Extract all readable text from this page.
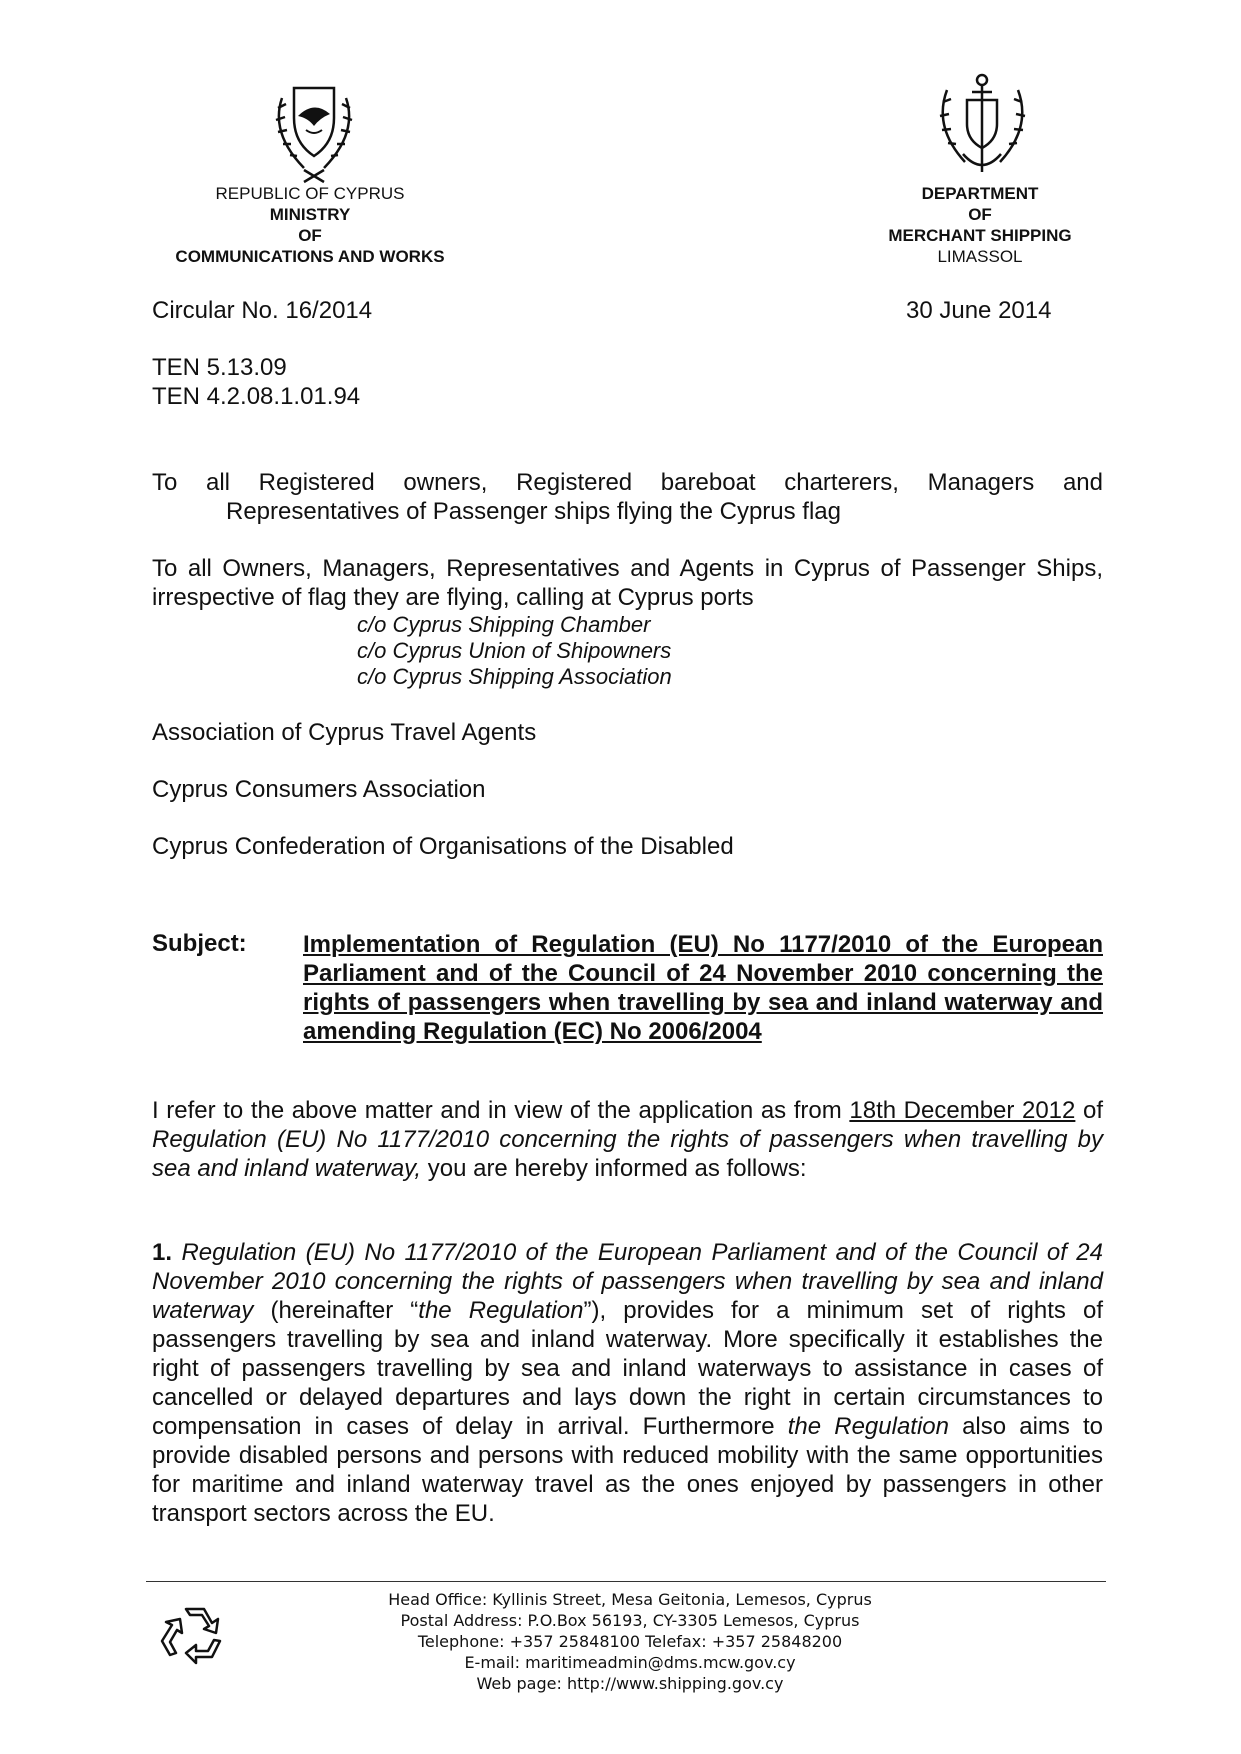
REPUBLIC OF CYPRUS
MINISTRY
OF
COMMUNICATIONS AND WORKS
DEPARTMENT
OF
MERCHANT SHIPPING
LIMASSOL
Circular No. 16/2014	30 June 2014
TEN 5.13.09
TEN 4.2.08.1.01.94
To all Registered owners, Registered bareboat charterers, Managers and
Representatives of Passenger ships flying the Cyprus flag
To all Owners, Managers, Representatives and Agents in Cyprus of Passenger Ships, irrespective of flag they are flying, calling at Cyprus ports
c/o Cyprus Shipping Chamber
c/o Cyprus Union of Shipowners
c/o Cyprus Shipping Association
Association of Cyprus Travel Agents
Cyprus Consumers Association
Cyprus Confederation of Organisations of the Disabled
Subject: Implementation of Regulation (EU) No 1177/2010 of the European Parliament and of the Council of 24 November 2010 concerning the rights of passengers when travelling by sea and inland waterway and amending Regulation (EC) No 2006/2004
I refer to the above matter and in view of the application as from 18th December 2012 of Regulation (EU) No 1177/2010 concerning the rights of passengers when travelling by sea and inland waterway, you are hereby informed as follows:
1. Regulation (EU) No 1177/2010 of the European Parliament and of the Council of 24 November 2010 concerning the rights of passengers when travelling by sea and inland waterway (hereinafter “the Regulation”), provides for a minimum set of rights of passengers travelling by sea and inland waterway. More specifically it establishes the right of passengers travelling by sea and inland waterways to assistance in cases of cancelled or delayed departures and lays down the right in certain circumstances to compensation in cases of delay in arrival. Furthermore the Regulation also aims to provide disabled persons and persons with reduced mobility with the same opportunities for maritime and inland waterway travel as the ones enjoyed by passengers in other transport sectors across the EU.
Head Office: Kyllinis Street, Mesa Geitonia, Lemesos, Cyprus
Postal Address: P.O.Box 56193, CY-3305 Lemesos, Cyprus
Telephone: +357 25848100 Telefax: +357 25848200
E-mail: maritimeadmin@dms.mcw.gov.cy
Web page: http://www.shipping.gov.cy
